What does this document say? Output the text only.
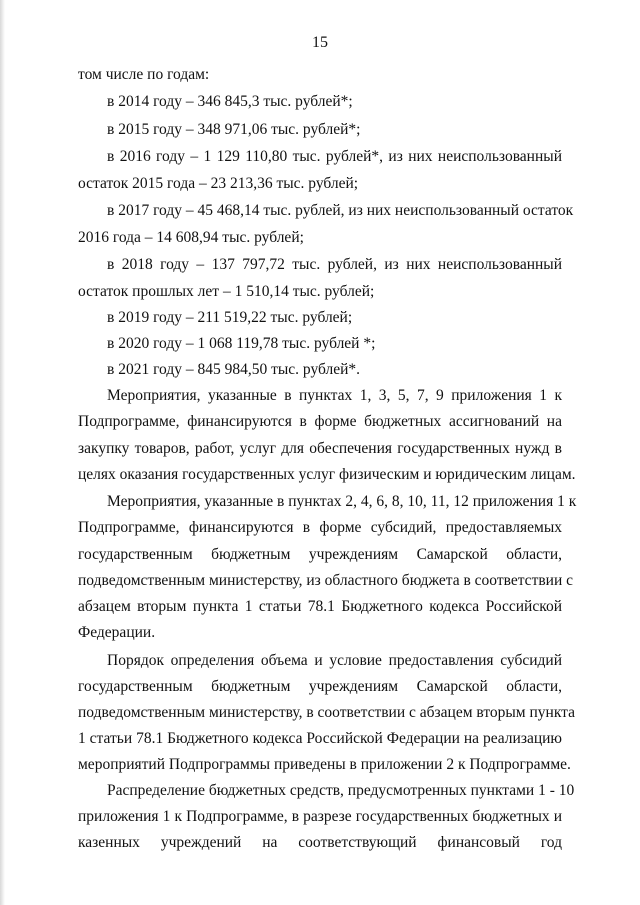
15
том числе по годам:
в 2014 году – 346 845,3 тыс. рублей*;
в 2015 году – 348 971,06 тыс. рублей*;
в 2016 году – 1 129 110,80 тыс. рублей*, из них неиспользованный
остаток 2015 года – 23 213,36 тыс. рублей;
в 2017 году – 45 468,14 тыс. рублей, из них неиспользованный остаток
2016 года – 14 608,94 тыс. рублей;
в 2018 году – 137 797,72 тыс. рублей, из них неиспользованный
остаток прошлых лет – 1 510,14 тыс. рублей;
в 2019 году – 211 519,22 тыс. рублей;
в 2020 году – 1 068 119,78 тыс. рублей *;
в 2021 году – 845 984,50 тыс. рублей*.
Мероприятия, указанные в пунктах 1, 3, 5, 7, 9 приложения 1 к
Подпрограмме, финансируются в форме бюджетных ассигнований на
закупку товаров, работ, услуг для обеспечения государственных нужд в
целях оказания государственных услуг физическим и юридическим лицам.
Мероприятия, указанные в пунктах 2, 4, 6, 8, 10, 11, 12 приложения 1 к
Подпрограмме, финансируются в форме субсидий, предоставляемых
государственным бюджетным учреждениям Самарской области,
подведомственным министерству, из областного бюджета в соответствии с
абзацем вторым пункта 1 статьи 78.1 Бюджетного кодекса Российской
Федерации.
Порядок определения объема и условие предоставления субсидий
государственным бюджетным учреждениям Самарской области,
подведомственным министерству, в соответствии с абзацем вторым пункта
1 статьи 78.1 Бюджетного кодекса Российской Федерации на реализацию
мероприятий Подпрограммы приведены в приложении 2 к Подпрограмме.
Распределение бюджетных средств, предусмотренных пунктами 1 - 10
приложения 1 к Подпрограмме, в разрезе государственных бюджетных и
казенных учреждений на соответствующий финансовый год
